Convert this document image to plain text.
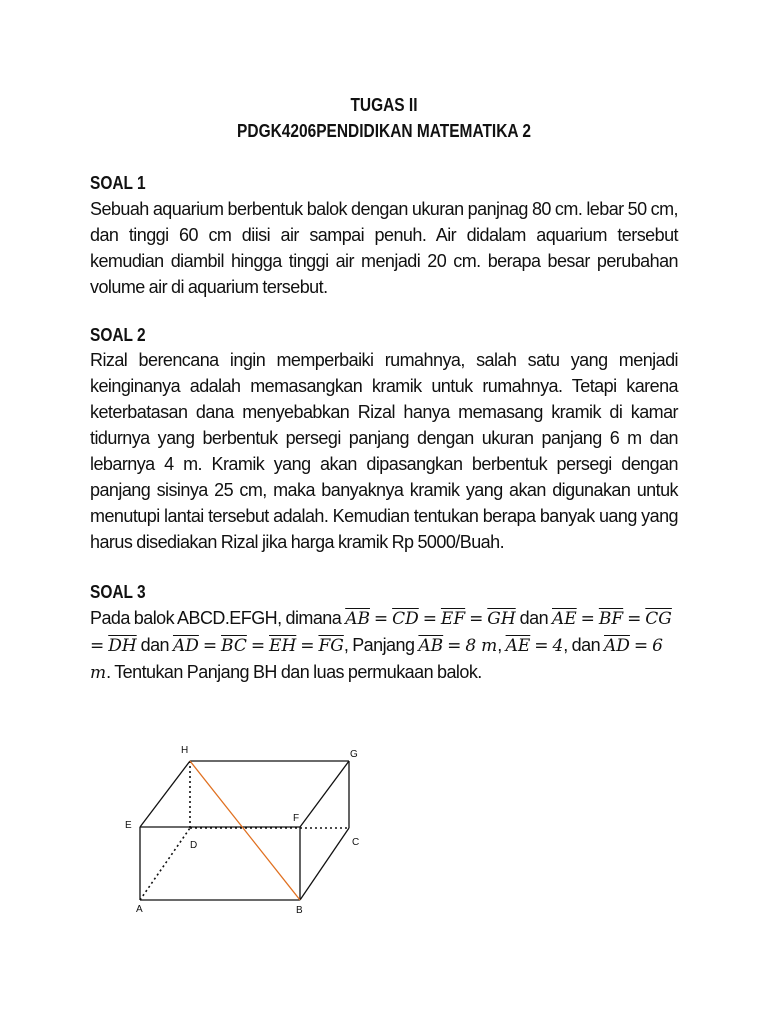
TUGAS II
PDGK4206PENDIDIKAN MATEMATIKA 2
SOAL 1
Sebuah aquarium berbentuk balok dengan ukuran panjnag 80 cm. lebar 50 cm, dan tinggi 60 cm diisi air sampai penuh. Air didalam aquarium tersebut kemudian diambil hingga tinggi air menjadi 20 cm. berapa besar perubahan volume air di aquarium tersebut.
SOAL 2
Rizal berencana ingin memperbaiki rumahnya, salah satu yang menjadi keinginanya adalah memasangkan kramik untuk rumahnya. Tetapi karena keterbatasan dana menyebabkan Rizal hanya memasang kramik di kamar tidurnya yang berbentuk persegi panjang dengan ukuran panjang 6 m dan lebarnya 4 m. Kramik yang akan dipasangkan berbentuk persegi dengan panjang sisinya 25 cm, maka banyaknya kramik yang akan digunakan untuk menutupi lantai tersebut adalah. Kemudian tentukan berapa banyak uang yang harus disediakan Rizal jika harga kramik Rp 5000/Buah.
SOAL 3
Pada balok ABCD.EFGH, dimana $\overline{AB} = \overline{CD} = \overline{EF} = \overline{GH}$ dan $\overline{AE} = \overline{BF} = \overline{CG} = \overline{DH}$ dan $\overline{AD} = \overline{BC} = \overline{EH} = \overline{FG}$, Panjang $\overline{AB} = 8$ m, $\overline{AE} = 4$, dan $\overline{AD} = 6$ m. Tentukan Panjang BH dan luas permukaan balok.
H	G
E
F
D	C
A	B
